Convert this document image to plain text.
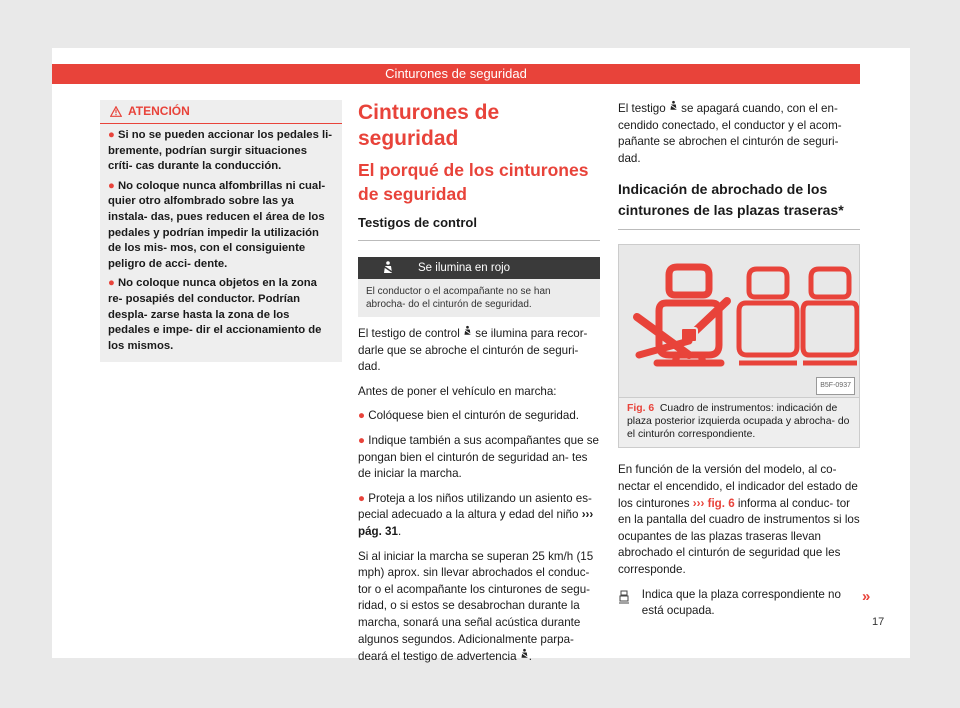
Cinturones de seguridad
ATENCIÓN
● Si no se pueden accionar los pedales li- bremente, podrían surgir situaciones críti- cas durante la conducción.
● No coloque nunca alfombrillas ni cual- quier otro alfombrado sobre las ya instala- das, pues reducen el área de los pedales y podrían impedir la utilización de los mis- mos, con el consiguiente peligro de acci- dente.
● No coloque nunca objetos en la zona re- posapiés del conductor. Podrían despla- zarse hasta la zona de los pedales e impe- dir el accionamiento de los mismos.
Cinturones de seguridad
El porqué de los cinturones de seguridad
Testigos de control
Se ilumina en rojo
El conductor o el acompañante no se han abrocha- do el cinturón de seguridad.

El testigo de control se ilumina para recor- darle que se abroche el cinturón de seguri- dad.

Antes de poner el vehículo en marcha:

● Colóquese bien el cinturón de seguridad.

● Indique también a sus acompañantes que se pongan bien el cinturón de seguridad an- tes de iniciar la marcha.

● Proteja a los niños utilizando un asiento es- pecial adecuado a la altura y edad del niño ››› pág. 31.

Si al iniciar la marcha se superan 25 km/h (15 mph) aprox. sin llevar abrochados el conduc- tor o el acompañante los cinturones de segu- ridad, o si estos se desabrochan durante la marcha, sonará una señal acústica durante algunos segundos. Adicionalmente parpa- deará el testigo de advertencia .

El testigo se apagará cuando, con el en- cendido conectado, el conductor y el acom- pañante se abrochen el cinturón de seguri- dad.

Indicación de abrochado de los cinturones de las plazas traseras*
B5F-0937
Fig. 6 Cuadro de instrumentos: indicación de plaza posterior izquierda ocupada y abrocha- do el cinturón correspondiente.

En función de la versión del modelo, al co- nectar el encendido, el indicador del estado de los cinturones ››› fig. 6 informa al conduc- tor en la pantalla del cuadro de instrumentos si los ocupantes de las plazas traseras llevan abrochado el cinturón de seguridad que les corresponde.

Indica que la plaza correspondiente no está ocupada.
»
17
